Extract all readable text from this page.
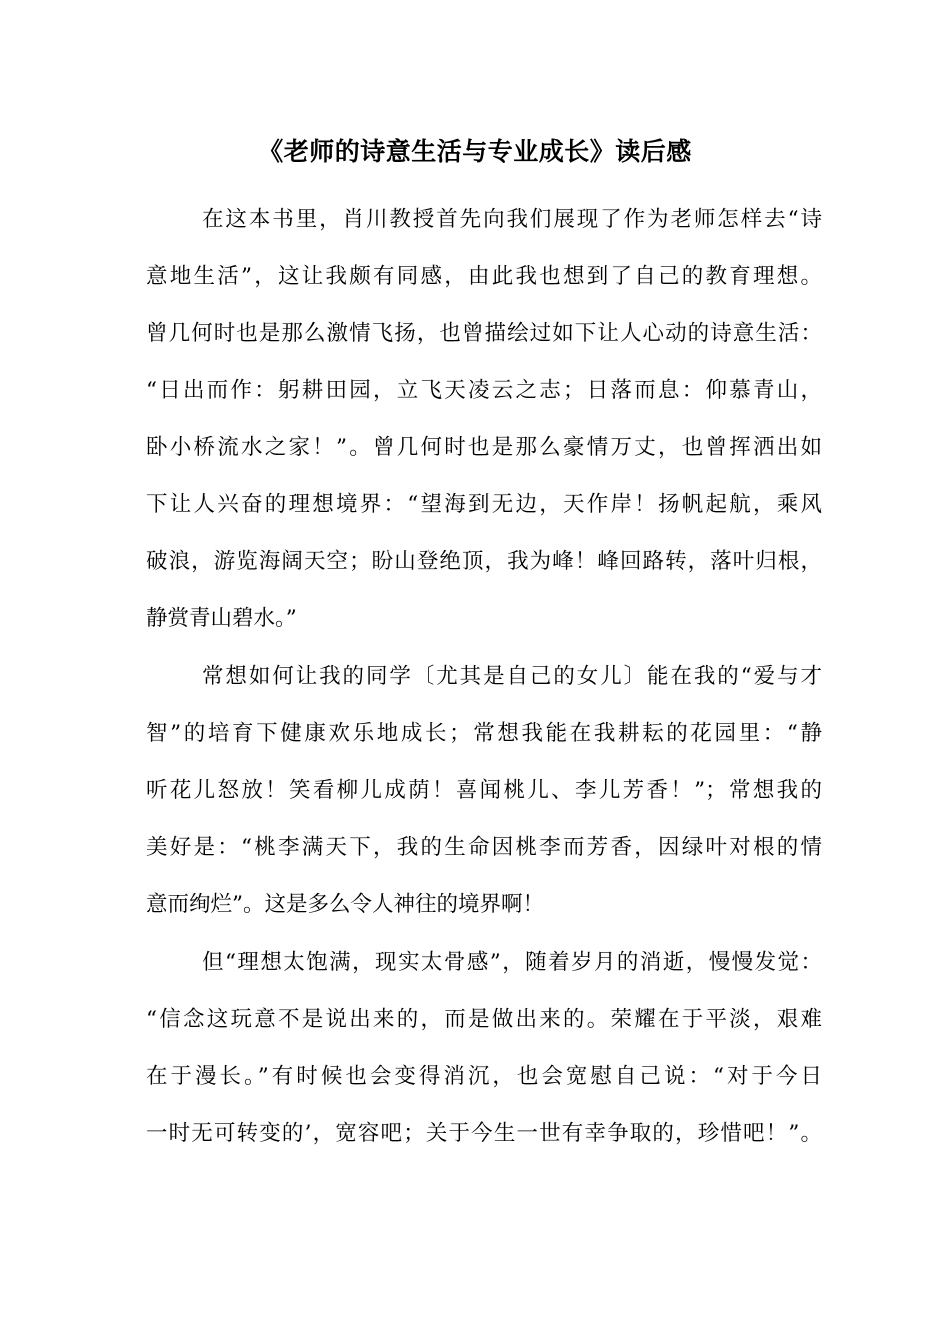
《老师的诗意生活与专业成长》读后感
在这本书里，肖川教授首先向我们展现了作为老师怎样去“诗
意地生活”，这让我颇有同感，由此我也想到了自己的教育理想。
曾几何时也是那么激情飞扬，也曾描绘过如下让人心动的诗意生活：
“日出而作：躬耕田园，立飞天凌云之志；日落而息：仰慕青山，
卧小桥流水之家！”。曾几何时也是那么豪情万丈，也曾挥洒出如
下让人兴奋的理想境界：“望海到无边，天作岸！扬帆起航，乘风
破浪，游览海阔天空；盼山登绝顶，我为峰！峰回路转，落叶归根，
静赏青山碧水。”
常想如何让我的同学〔尤其是自己的女儿〕能在我的“爱与才
智”的培育下健康欢乐地成长；常想我能在我耕耘的花园里：“静
听花儿怒放！笑看柳儿成荫！喜闻桃儿、李儿芳香！”；常想我的
美好是：“桃李满天下，我的生命因桃李而芳香，因绿叶对根的情
意而绚烂”。这是多么令人神往的境界啊！
但“理想太饱满，现实太骨感”，随着岁月的消逝，慢慢发觉：
“信念这玩意不是说出来的，而是做出来的。荣耀在于平淡，艰难
在于漫长。”有时候也会变得消沉，也会宽慰自己说：“对于今日
一时无可转变的’，宽容吧；关于今生一世有幸争取的，珍惜吧！”。
